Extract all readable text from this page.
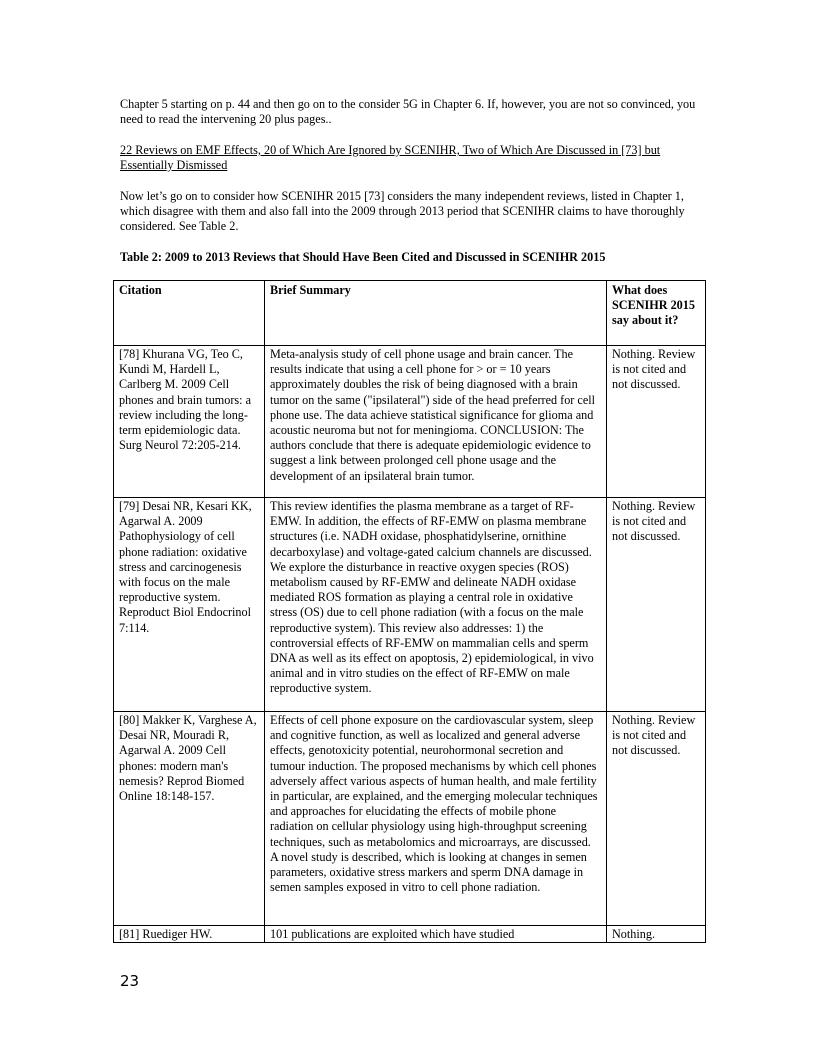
Chapter 5 starting on p. 44 and then go on to the consider 5G in Chapter 6. If, however, you are not so convinced, you need to read the intervening 20 plus pages..

22 Reviews on EMF Effects, 20 of Which Are Ignored by SCENIHR, Two of Which Are Discussed in [73] but Essentially Dismissed

Now let’s go on to consider how SCENIHR 2015 [73] considers the many independent reviews, listed in Chapter 1, which disagree with them and also fall into the 2009 through 2013 period that SCENIHR claims to have thoroughly considered. See Table 2.

Table 2: 2009 to 2013 Reviews that Should Have Been Cited and Discussed in SCENIHR 2015

Citation	Brief Summary	What does SCENIHR 2015 say about it?
[78] Khurana VG, Teo C, Kundi M, Hardell L, Carlberg M. 2009 Cell phones and brain tumors: a review including the long-term epidemiologic data. Surg Neurol 72:205-214.	Meta-analysis study of cell phone usage and brain cancer. The results indicate that using a cell phone for > or = 10 years approximately doubles the risk of being diagnosed with a brain tumor on the same ("ipsilateral") side of the head preferred for cell phone use. The data achieve statistical significance for glioma and acoustic neuroma but not for meningioma. CONCLUSION: The authors conclude that there is adequate epidemiologic evidence to suggest a link between prolonged cell phone usage and the development of an ipsilateral brain tumor.	Nothing. Review is not cited and not discussed.
[79] Desai NR, Kesari KK, Agarwal A. 2009 Pathophysiology of cell phone radiation: oxidative stress and carcinogenesis with focus on the male reproductive system. Reproduct Biol Endocrinol 7:114.	This review identifies the plasma membrane as a target of RF-EMW. In addition, the effects of RF-EMW on plasma membrane structures (i.e. NADH oxidase, phosphatidylserine, ornithine decarboxylase) and voltage-gated calcium channels are discussed. We explore the disturbance in reactive oxygen species (ROS) metabolism caused by RF-EMW and delineate NADH oxidase mediated ROS formation as playing a central role in oxidative stress (OS) due to cell phone radiation (with a focus on the male reproductive system). This review also addresses: 1) the controversial effects of RF-EMW on mammalian cells and sperm DNA as well as its effect on apoptosis, 2) epidemiological, in vivo animal and in vitro studies on the effect of RF-EMW on male reproductive system.	Nothing. Review is not cited and not discussed.
[80] Makker K, Varghese A, Desai NR, Mouradi R, Agarwal A. 2009 Cell phones: modern man's nemesis? Reprod Biomed Online 18:148-157.	Effects of cell phone exposure on the cardiovascular system, sleep and cognitive function, as well as localized and general adverse effects, genotoxicity potential, neurohormonal secretion and tumour induction. The proposed mechanisms by which cell phones adversely affect various aspects of human health, and male fertility in particular, are explained, and the emerging molecular techniques and approaches for elucidating the effects of mobile phone radiation on cellular physiology using high-throughput screening techniques, such as metabolomics and microarrays, are discussed. A novel study is described, which is looking at changes in semen parameters, oxidative stress markers and sperm DNA damage in semen samples exposed in vitro to cell phone radiation.	Nothing. Review is not cited and not discussed.
[81] Ruediger HW.	101 publications are exploited which have studied	Nothing.
23
